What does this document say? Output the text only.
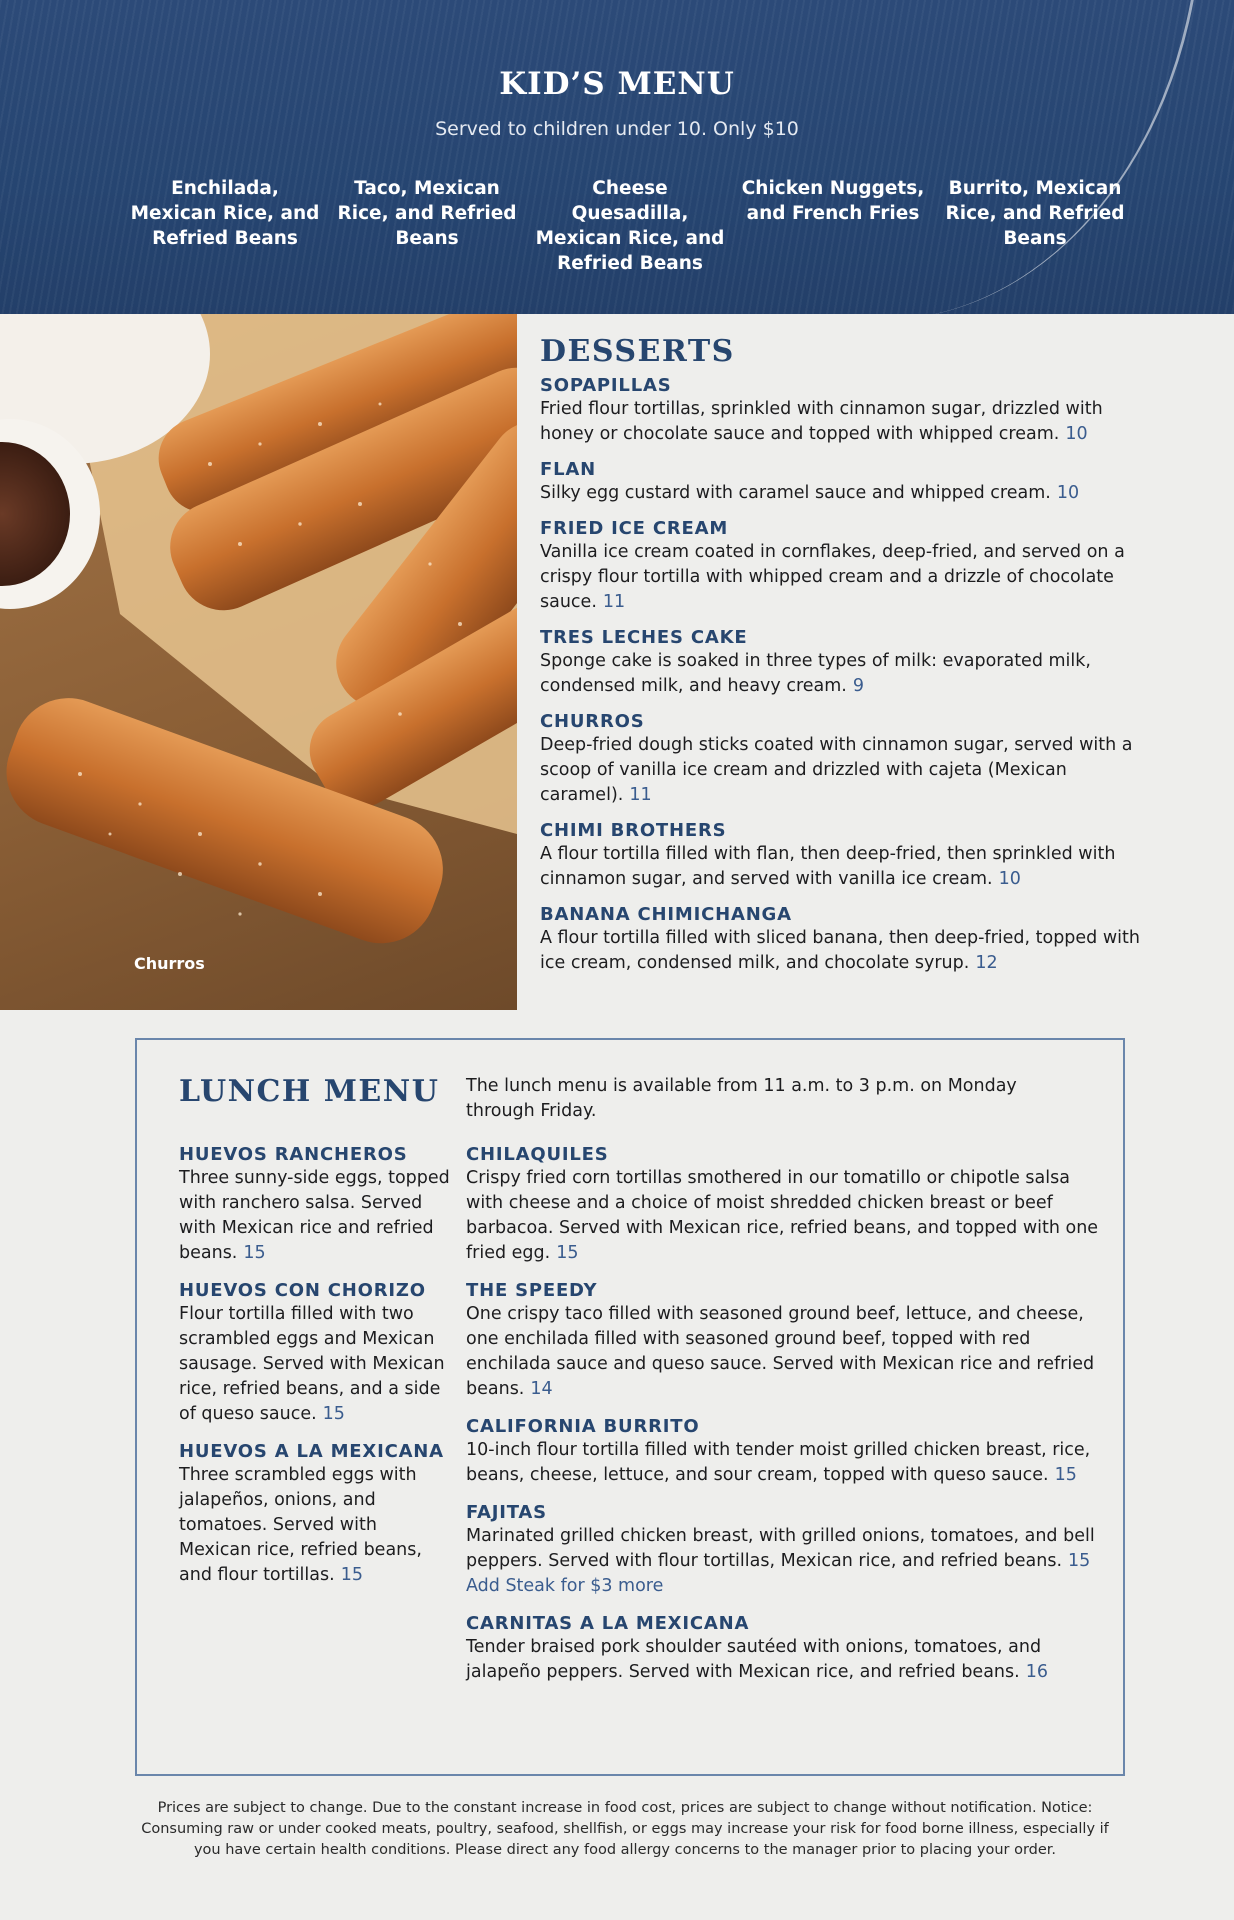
KID’S MENU
Served to children under 10. Only $10
Enchilada, Mexican Rice, and Refried Beans
Taco, Mexican Rice, and Refried Beans
Cheese Quesadilla, Mexican Rice, and Refried Beans
Chicken Nuggets, and French Fries
Burrito, Mexican Rice, and Refried Beans
Churros
DESSERTS
SOPAPILLAS
Fried flour tortillas, sprinkled with cinnamon sugar, drizzled with honey or chocolate sauce and topped with whipped cream. 10
FLAN
Silky egg custard with caramel sauce and whipped cream. 10
FRIED ICE CREAM
Vanilla ice cream coated in cornflakes, deep-fried, and served on a crispy flour tortilla with whipped cream and a drizzle of chocolate sauce. 11
TRES LECHES CAKE
Sponge cake is soaked in three types of milk: evaporated milk, condensed milk, and heavy cream. 9
CHURROS
Deep-fried dough sticks coated with cinnamon sugar, served with a scoop of vanilla ice cream and drizzled with cajeta (Mexican caramel). 11
CHIMI BROTHERS
A flour tortilla filled with flan, then deep-fried, then sprinkled with cinnamon sugar, and served with vanilla ice cream. 10
BANANA CHIMICHANGA
A flour tortilla filled with sliced banana, then deep-fried, topped with ice cream, condensed milk, and chocolate syrup. 12
LUNCH MENU The lunch menu is available from 11 a.m. to 3 p.m. on Monday through Friday.
HUEVOS RANCHEROS
Three sunny-side eggs, topped with ranchero salsa. Served with Mexican rice and refried beans. 15
HUEVOS CON CHORIZO
Flour tortilla filled with two scrambled eggs and Mexican sausage. Served with Mexican rice, refried beans, and a side of queso sauce. 15
HUEVOS A LA MEXICANA
Three scrambled eggs with jalapeños, onions, and tomatoes. Served with Mexican rice, refried beans, and flour tortillas. 15
CHILAQUILES
Crispy fried corn tortillas smothered in our tomatillo or chipotle salsa with cheese and a choice of moist shredded chicken breast or beef barbacoa. Served with Mexican rice, refried beans, and topped with one fried egg. 15
THE SPEEDY
One crispy taco filled with seasoned ground beef, lettuce, and cheese, one enchilada filled with seasoned ground beef, topped with red enchilada sauce and queso sauce. Served with Mexican rice and refried beans. 14
CALIFORNIA BURRITO
10-inch flour tortilla filled with tender moist grilled chicken breast, rice, beans, cheese, lettuce, and sour cream, topped with queso sauce. 15
FAJITAS
Marinated grilled chicken breast, with grilled onions, tomatoes, and bell peppers. Served with flour tortillas, Mexican rice, and refried beans. 15
Add Steak for $3 more
CARNITAS A LA MEXICANA
Tender braised pork shoulder sautéed with onions, tomatoes, and jalapeño peppers. Served with Mexican rice, and refried beans. 16
Prices are subject to change. Due to the constant increase in food cost, prices are subject to change without notification. Notice: Consuming raw or under cooked meats, poultry, seafood, shellfish, or eggs may increase your risk for food borne illness, especially if you have certain health conditions. Please direct any food allergy concerns to the manager prior to placing your order.
